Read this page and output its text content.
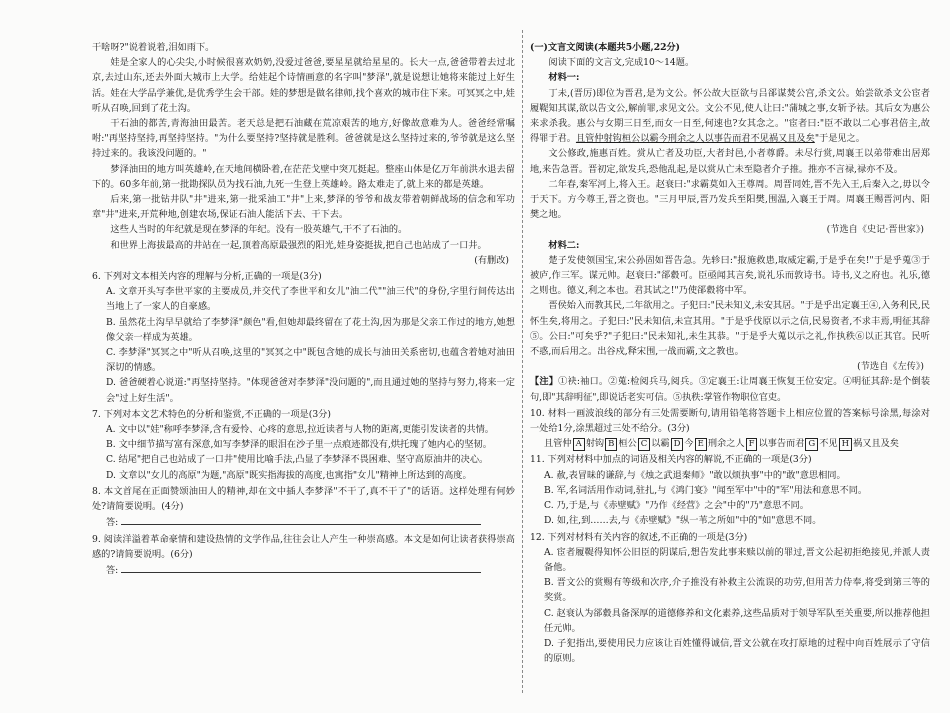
干啥呀?"说着说着,泪如雨下。

娃是全家人的心尖尖,小时候很喜欢奶奶,没爱过爸爸,要星星就给星星的。长大一点,爸爸带着去过北京,去过山东,还去外面大城市上大学。给娃起个诗情画意的名字叫"梦泽",就是说想让她将来能过上好生活。娃在大学品学兼优,是优秀学生会干部。娃的梦想是做名律师,找个喜欢的城市住下来。可冥冥之中,娃听从召唤,回到了花土沟。

干石油的都苦,青海油田最苦。老天总是把石油藏在荒凉艰苦的地方,好像故意难为人。爸爸经常嘱咐:"再坚持坚持,再坚持坚持。"为什么要坚持?坚持就是胜利。爸爸就是这么坚持过来的,爷爷就是这么坚持过来的。我该没问题的。"

梦泽油田的地方叫英雄岭,在天地间横卧着,在茫茫戈壁中突兀挺起。整座山体是亿万年前洪水退去留下的。60多年前,第一批勘探队员为找石油,九死一生登上英雄岭。路太难走了,就上来的都是英雄。

后来,第一批钻井队"井"进来,第一批采油工"井"上来,梦泽的爷爷和战友带着朝鲜战场的信念和军功章"井"进来,开荒种地,创建农场,保证石油人能活下去、干下去。

这些人当时的年纪就是现在梦泽的年纪。没有一股英雄气,干不了石油的。

和世界上海拔最高的井站在一起,顶着高原最强烈的阳光,娃身姿挺拔,把自己也站成了一口井。

(有删改)

6. 下列对文本相关内容的理解与分析,正确的一项是(3分)

A. 文章开头写李世平家的主要成员,并交代了李世平和女儿"油二代""油三代"的身份,字里行间传达出当地上了一家人的自豪感。

B. 虽然花土沟早早就给了李梦泽"颜色"看,但她却最终留在了花土沟,因为那是父亲工作过的地方,她想像父亲一样成为英雄。

C. 李梦泽"冥冥之中"听从召唤,这里的"冥冥之中"既包含她的成长与油田关系密切,也蕴含着她对油田深切的情感。

D. 爸爸硬着心说道:"再坚持坚持。"体现爸爸对李梦泽"没问题的",而且通过她的坚持与努力,将来一定会"过上好生活"。

7. 下列对本文艺术特色的分析和鉴赏,不正确的一项是(3分)

A. 文中以"娃"称呼李梦泽,含有爱怜、心疼的意思,拉近读者与人物的距离,更能引发读者的共情。

B. 文中细节描写富有深意,如写李梦泽的眼泪在沙子里一点痕迹都没有,烘托瑰了她内心的坚韧。

C. 结尾"把自己也站成了一口井"使用比喻手法,凸显了李梦泽不畏困难、坚守高原油井的决心。

D. 文章以"女儿的高原"为题,"高原"既实指海拔的高度,也寓指"女儿"精神上所达到的高度。

8. 本文首尾在正面赞颂油田人的精神,却在文中插人李梦泽"不干了,真不干了"的话语。这样处理有何妙处?请简要说明。(4分)

答:

9. 阅读洋溢着革命豪情和建设热情的文学作品,往往会让人产生一种崇高感。本文是如何让读者获得崇高感的?请简要说明。(6分)

答:

(一)文言文阅读(本题共5小题,22分)

阅读下面的文言文,完成10～14题。

材料一:

丁未,(晋厉)即位为晋君,是为文公。怀公故大臣欲与吕郤谋焚公宫,杀文公。始尝欲杀文公宦者履鞮知其谋,欲以告文公,解前罪,求见文公。文公不见,使人让曰:"蒲城之事,女斩予祛。其后女为惠公来求杀我。惠公与女期三日至,而女一日至,何速也?女其念之。"宦者曰:"臣不敢以二心事君倍主,故得罪于君。且管仲射钩桓公以霸今刑余之人以事告而君不见祸又且及矣"于是见之。

文公修政,施惠百姓。赏从亡者及功臣,大者封邑,小者尊爵。未尽行赏,周襄王以弟带难出居郑地,来告急晋。晋初定,欲发兵,恐他乱起,是以赏从亡未至隐者介子推。推亦不言禄,禄亦不及。

二年春,秦军河上,将入王。赵衰曰:"求霸莫如入王尊周。周晋同姓,晋不先入王,后秦入之,毋以令于天下。方今尊王,晋之资也。"三月甲辰,晋乃发兵至阳樊,围温,入襄王于周。周襄王赐晋河内、阳樊之地。

(节选自《史记·晋世家》)

材料二:

楚子发使领国宝,宋公孙固如晋告急。先轸曰:"报施救患,取威定霸,于是乎在矣!"于是乎蒐③于被庐,作三军。谋元帅。赵衰曰:"郤縠可。臣亟闻其言矣,说礼乐而敦诗书。诗书,义之府也。礼乐,德之则也。德义,利之本也。君其试之!"乃使郤縠将中军。

晋侯始入而教其民,二年欲用之。子犯曰:"民未知义,未安其居。"于是乎出定襄王④,入务利民,民怀生矣,将用之。子犯曰:"民未知信,未宣其用。"于是乎伐原以示之信,民易资者,不求丰焉,明征其辞⑤。公曰:"可矣乎?"子犯曰:"民未知礼,未生其恭。"于是乎大蒐以示之礼,作执秩⑥以正其官。民听不惑,而后用之。出谷戍,释宋围,一战而霸,文之教也。

(节选自《左传》)

【注】①袂:袖口。②蒐:检阅兵马,阅兵。③定襄王:让周襄王恢复王位安定。④明征其辞:是个倒装句,即"其辞明征",即说话老实可信。⑤执秩:掌管作物职位官吏。

10. 材料一画波浪线的部分有三处需要断句,请用铅笔将答题卡上相应位置的答案标号涂黑,每涂对一处给1分,涂黑超过三处不给分。(3分)

且管仲 A 射钩 B 桓公 C 以霸 D 今 E 刑余之人 F 以事告而君 G 不见 H 祸又且及矣

11. 下列对材料中加点的词语及相关内容的解说,不正确的一项是(3分)

A. 赦,表冒昧的谦辞,与《烛之武退秦师》"敢以烦执事"中的"敢"意思相同。

B. 军,名词活用作动词,驻扎,与《鸿门宴》"闻至军中"中的"军"用法和意思不同。

C. 乃,于是,与《赤壁赋》"乃作《经营》之会"中的"乃"意思不同。

D. 如,往,到……去,与《赤壁赋》"纵一苇之所如"中的"如"意思不同。

12. 下列对材料有关内容的叙述,不正确的一项是(3分)

A. 宦者履鞮得知怀公旧臣的阴谋后,想告发此事来赎以前的罪过,晋文公起初拒绝接见,并派人责备他。

B. 晋文公的赏赐有等级和次序,介子推没有补救主公流误的功劳,但用苦力侍奉,将受到第三等的奖赏。

C. 赵衰认为郤縠具备深厚的道德修养和文化素养,这些品质对于领导军队至关重要,所以推荐他担任元帅。

D. 子犯指出,要使用民力应该让百姓懂得诚信,晋文公就在攻打原地的过程中向百姓展示了守信的原则。
